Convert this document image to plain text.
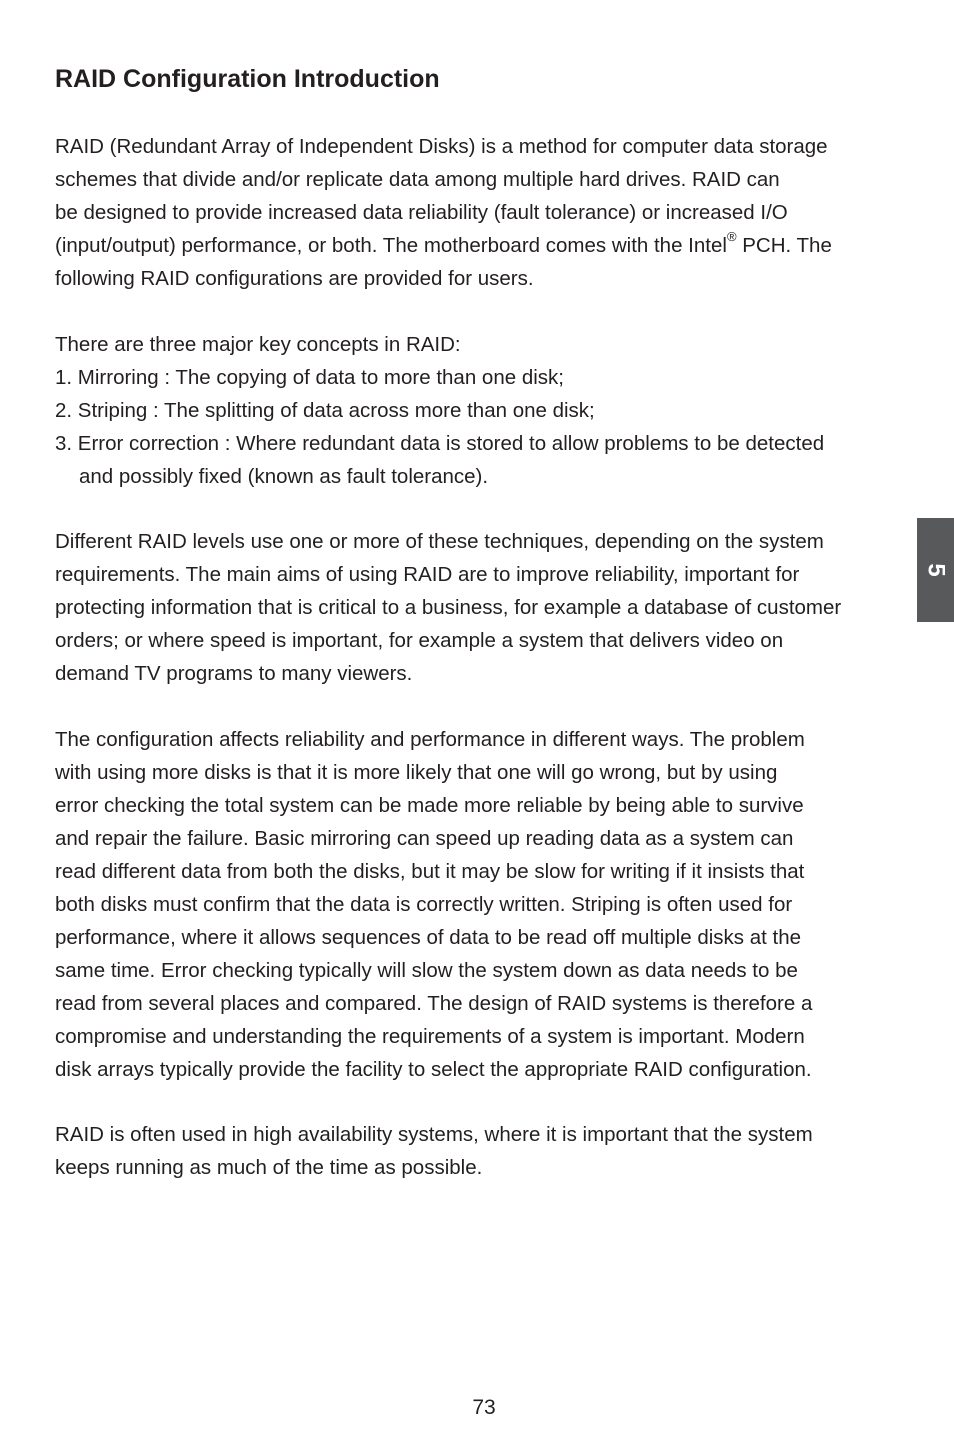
RAID Configuration Introduction

RAID (Redundant Array of Independent Disks) is a method for computer data storage
schemes that divide and/or replicate data among multiple hard drives. RAID can
be designed to provide increased data reliability (fault tolerance) or increased I/O
(input/output) performance, or both. The motherboard comes with the Intel® PCH. The
following RAID configurations are provided for users.

There are three major key concepts in RAID:
1. Mirroring : The copying of data to more than one disk;
2. Striping : The splitting of data across more than one disk;
3. Error correction : Where redundant data is stored to allow problems to be detected
and possibly fixed (known as fault tolerance).

Different RAID levels use one or more of these techniques, depending on the system
requirements. The main aims of using RAID are to improve reliability, important for
protecting information that is critical to a business, for example a database of customer
orders; or where speed is important, for example a system that delivers video on
demand TV programs to many viewers.

The configuration affects reliability and performance in different ways. The problem
with using more disks is that it is more likely that one will go wrong, but by using
error checking the total system can be made more reliable by being able to survive
and repair the failure. Basic mirroring can speed up reading data as a system can
read different data from both the disks, but it may be slow for writing if it insists that
both disks must confirm that the data is correctly written. Striping is often used for
performance, where it allows sequences of data to be read off multiple disks at the
same time. Error checking typically will slow the system down as data needs to be
read from several places and compared. The design of RAID systems is therefore a
compromise and understanding the requirements of a system is important. Modern
disk arrays typically provide the facility to select the appropriate RAID configuration.

RAID is often used in high availability systems, where it is important that the system
keeps running as much of the time as possible.

5
73
